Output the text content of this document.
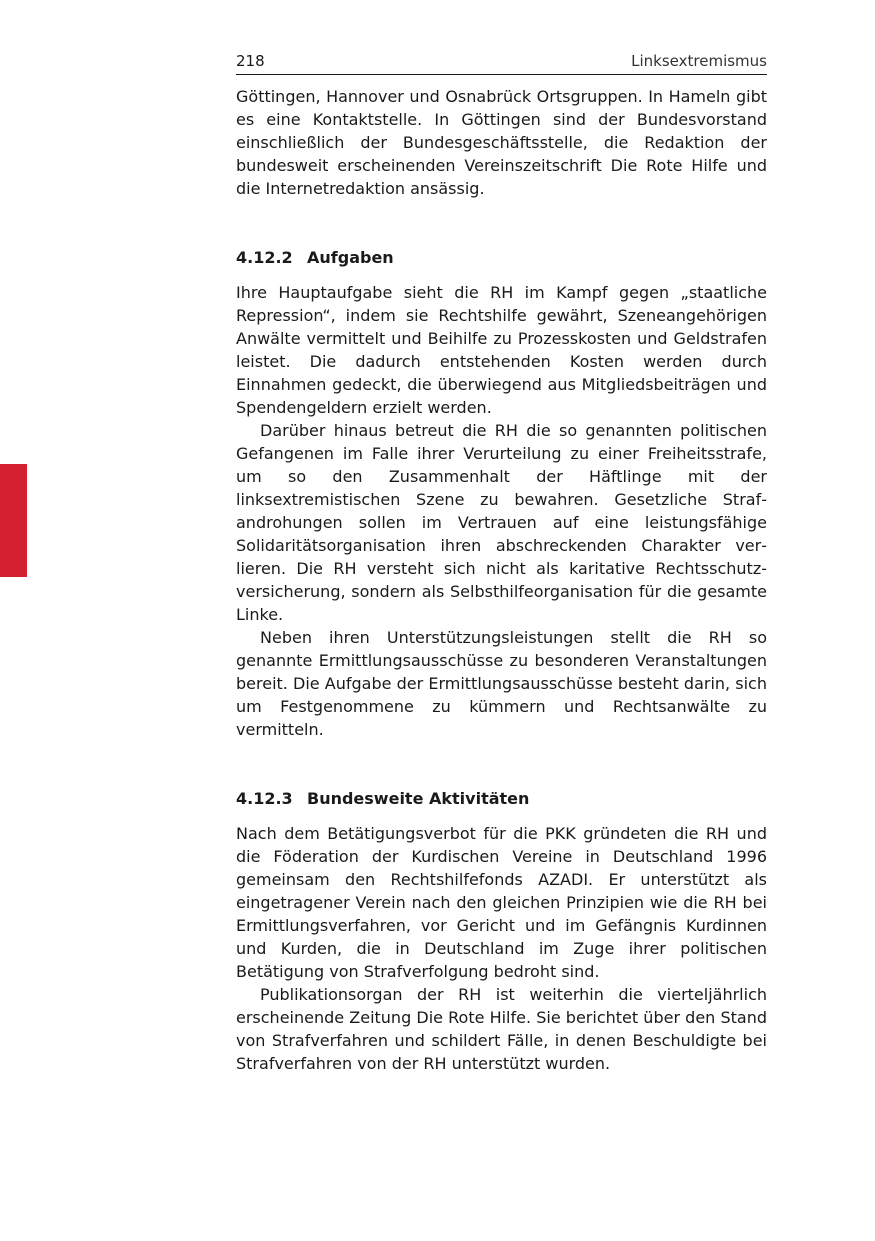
218	Linksextremismus

Göttingen, Hannover und Osnabrück Ortsgruppen. In Hameln gibt es eine Kontaktstelle. In Göttingen sind der Bundesvorstand einschließlich der Bundesgeschäftsstelle, die Redaktion der bundesweit erscheinenden Vereinszeitschrift Die Rote Hilfe und die Internetredaktion ansässig.

4.12.2 Aufgaben

Ihre Hauptaufgabe sieht die RH im Kampf gegen „staatliche Repression“, indem sie Rechtshilfe gewährt, Szeneangehörigen Anwälte vermittelt und Beihilfe zu Prozesskosten und Geldstrafen leistet. Die dadurch entstehenden Kosten werden durch Einnahmen gedeckt, die überwiegend aus Mitgliedsbeiträgen und Spendengeldern erzielt werden.

Darüber hinaus betreut die RH die so genannten politischen Gefangenen im Falle ihrer Verurteilung zu einer Freiheitsstrafe, um so den Zusammenhalt der Häftlinge mit der linksextremistischen Szene zu bewahren. Gesetzliche Strafandrohungen sollen im Vertrauen auf eine leistungsfähige Solidaritätsorganisation ihren abschreckenden Charakter verlieren. Die RH versteht sich nicht als karitative Rechtsschutzversicherung, sondern als Selbsthilfeorganisation für die gesamte Linke.

Neben ihren Unterstützungsleistungen stellt die RH so genannte Ermittlungsausschüsse zu besonderen Veranstaltungen bereit. Die Aufgabe der Ermittlungsausschüsse besteht darin, sich um Festgenommene zu kümmern und Rechtsanwälte zu vermitteln.

4.12.3 Bundesweite Aktivitäten

Nach dem Betätigungsverbot für die PKK gründeten die RH und die Föderation der Kurdischen Vereine in Deutschland 1996 gemeinsam den Rechtshilfefonds AZADI. Er unterstützt als eingetragener Verein nach den gleichen Prinzipien wie die RH bei Ermittlungsverfahren, vor Gericht und im Gefängnis Kurdinnen und Kurden, die in Deutschland im Zuge ihrer politischen Betätigung von Strafverfolgung bedroht sind.

Publikationsorgan der RH ist weiterhin die vierteljährlich erscheinende Zeitung Die Rote Hilfe. Sie berichtet über den Stand von Strafverfahren und schildert Fälle, in denen Beschuldigte bei Strafverfahren von der RH unterstützt wurden.
